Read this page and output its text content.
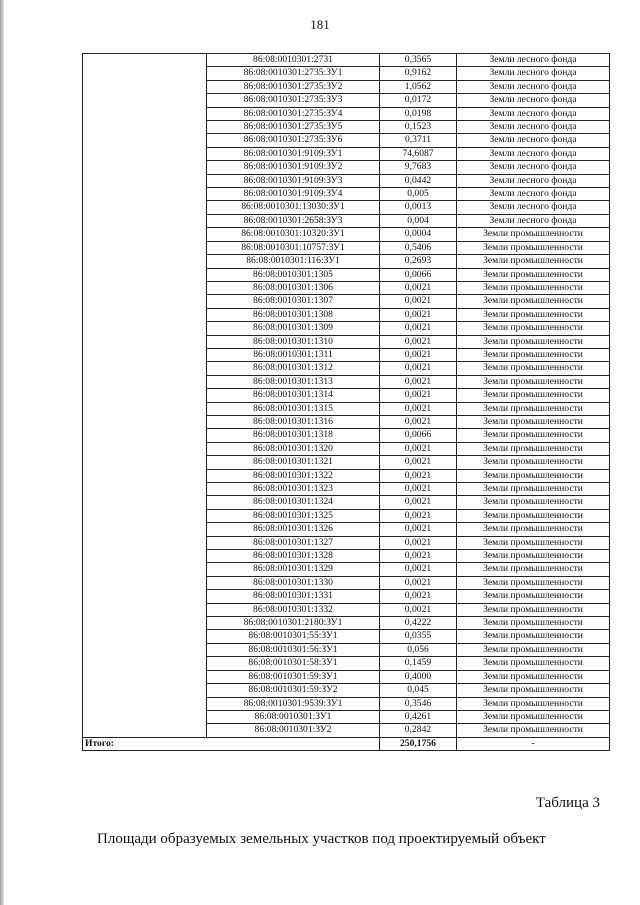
181
	86:08:0010301:2731	0,3565	Земли лесного фонда
	86:08:0010301:2735:ЗУ1	0,9162	Земли лесного фонда
	86:08:0010301:2735:ЗУ2	1,0562	Земли лесного фонда
	86:08:0010301:2735:ЗУ3	0,0172	Земли лесного фонда
	86:08:0010301:2735:ЗУ4	0,0198	Земли лесного фонда
	86:08:0010301:2735:ЗУ5	0,1523	Земли лесного фонда
	86:08:0010301:2735:ЗУ6	0,3711	Земли лесного фонда
	86:08:0010301:9109:ЗУ1	74,6087	Земли лесного фонда
	86:08:0010301:9109:ЗУ2	9,7683	Земли лесного фонда
	86:08:0010301:9109:ЗУ3	0,0442	Земли лесного фонда
	86:08:0010301:9109:ЗУ4	0,005	Земли лесного фонда
	86:08:0010301:13030:ЗУ1	0,0013	Земли лесного фонда
	86:08:0010301:2658:ЗУ3	0,004	Земли лесного фонда
	86:08:0010301:10320:ЗУ1	0,0004	Земли промышленности
	86:08:0010301:10757:ЗУ1	0,5406	Земли промышленности
	86:08:0010301:116:ЗУ1	0,2693	Земли промышленности
	86:08:0010301:1305	0,0066	Земли промышленности
	86:08:0010301:1306	0,0021	Земли промышленности
	86:08:0010301:1307	0,0021	Земли промышленности
	86:08:0010301:1308	0,0021	Земли промышленности
	86:08:0010301:1309	0,0021	Земли промышленности
	86:08:0010301:1310	0,0021	Земли промышленности
	86:08:0010301:1311	0,0021	Земли промышленности
	86:08:0010301:1312	0,0021	Земли промышленности
	86:08:0010301:1313	0,0021	Земли промышленности
	86:08:0010301:1314	0,0021	Земли промышленности
	86:08:0010301:1315	0,0021	Земли промышленности
	86:08:0010301:1316	0,0021	Земли промышленности
	86:08:0010301:1318	0,0066	Земли промышленности
	86:08:0010301:1320	0,0021	Земли промышленности
	86:08:0010301:1321	0,0021	Земли промышленности
	86:08:0010301:1322	0,0021	Земли промышленности
	86:08:0010301:1323	0,0021	Земли промышленности
	86:08:0010301:1324	0,0021	Земли промышленности
	86:08:0010301:1325	0,0021	Земли промышленности
	86:08:0010301:1326	0,0021	Земли промышленности
	86:08:0010301:1327	0,0021	Земли промышленности
	86:08:0010301:1328	0,0021	Земли промышленности
	86:08:0010301:1329	0,0021	Земли промышленности
	86:08:0010301:1330	0,0021	Земли промышленности
	86:08:0010301:1331	0,0021	Земли промышленности
	86:08:0010301:1332	0,0021	Земли промышленности
	86:08:0010301:2180:ЗУ1	0,4222	Земли промышленности
	86:08:0010301:55:ЗУ1	0,0355	Земли промышленности
	86:08:0010301:56:ЗУ1	0,056	Земли промышленности
	86:08:0010301:58:ЗУ1	0,1459	Земли промышленности
	86:08:0010301:59:ЗУ1	0,4000	Земли промышленности
	86:08:0010301:59:ЗУ2	0,045	Земли промышленности
	86:08:0010301:9539:ЗУ1	0,3546	Земли промышленности
	86:08:0010301:ЗУ1	0,4261	Земли промышленности
	86:08:0010301:ЗУ2	0,2842	Земли промышленности
Итого:		250,1756	-
Таблица 3
Площади образуемых земельных участков под проектируемый объект
